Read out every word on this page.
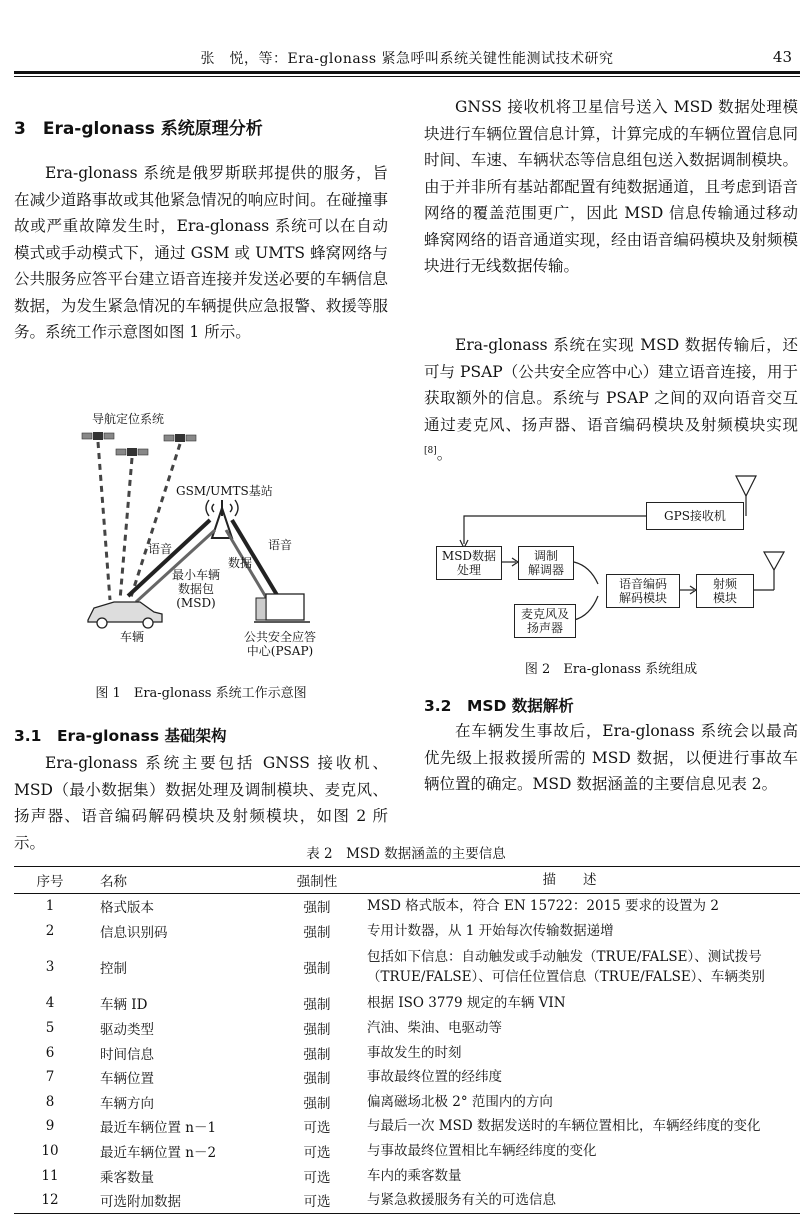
张　悦，等：Era-glonass 紧急呼叫系统关键性能测试技术研究	43
3　Era-glonass 系统原理分析

Era-glonass 系统是俄罗斯联邦提供的服务，旨在减少道路事故或其他紧急情况的响应时间。在碰撞事故或严重故障发生时，Era-glonass 系统可以在自动模式或手动模式下，通过 GSM 或 UMTS 蜂窝网络与公共服务应答平台建立语音连接并发送必要的车辆信息数据，为发生紧急情况的车辆提供应急报警、救援等服务。系统工作示意图如图 1 所示。

导航定位系统
GSM/UMTS基站
语音	语音
数据
最小车辆
数据包
(MSD)
车辆	公共安全应答
中心(PSAP)
图 1　Era-glonass 系统工作示意图
3.1　Era-glonass 基础架构

Era-glonass 系统主要包括 GNSS 接收机、MSD（最小数据集）数据处理及调制模块、麦克风、扬声器、语音编码解码模块及射频模块，如图 2 所示。

GNSS 接收机将卫星信号送入 MSD 数据处理模块进行车辆位置信息计算，计算完成的车辆位置信息同时间、车速、车辆状态等信息组包送入数据调制模块。由于并非所有基站都配置有纯数据通道，且考虑到语音网络的覆盖范围更广，因此 MSD 信息传输通过移动蜂窝网络的语音通道实现，经由语音编码模块及射频模块进行无线数据传输。

Era-glonass 系统在实现 MSD 数据传输后，还可与 PSAP（公共安全应答中心）建立语音连接，用于获取额外的信息。系统与 PSAP 之间的双向语音交互通过麦克风、扬声器、语音编码模块及射频模块实现[8]。

GPS接收机
MSD数据
处理
调制
解调器
语音编码
解码模块
射频
模块
麦克风及
扬声器
图 2　Era-glonass 系统组成
3.2　MSD 数据解析

在车辆发生事故后，Era-glonass 系统会以最高优先级上报救援所需的 MSD 数据，以便进行事故车辆位置的确定。MSD 数据涵盖的主要信息见表 2。

表 2　MSD 数据涵盖的主要信息
序号	名称	强制性	描述
1	格式版本	强制	MSD 格式版本，符合 EN 15722：2015 要求的设置为 2
2	信息识别码	强制	专用计数器，从 1 开始每次传输数据递增
3	控制	强制	包括如下信息：自动触发或手动触发（TRUE/FALSE）、测试拨号（TRUE/FALSE）、可信任位置信息（TRUE/FALSE）、车辆类别
4	车辆 ID	强制	根据 ISO 3779 规定的车辆 VIN
5	驱动类型	强制	汽油、柴油、电驱动等
6	时间信息	强制	事故发生的时刻
7	车辆位置	强制	事故最终位置的经纬度
8	车辆方向	强制	偏离磁场北极 2° 范围内的方向
9	最近车辆位置 n－1	可选	与最后一次 MSD 数据发送时的车辆位置相比，车辆经纬度的变化
10	最近车辆位置 n－2	可选	与事故最终位置相比车辆经纬度的变化
11	乘客数量	可选	车内的乘客数量
12	可选附加数据	可选	与紧急救援服务有关的可选信息
